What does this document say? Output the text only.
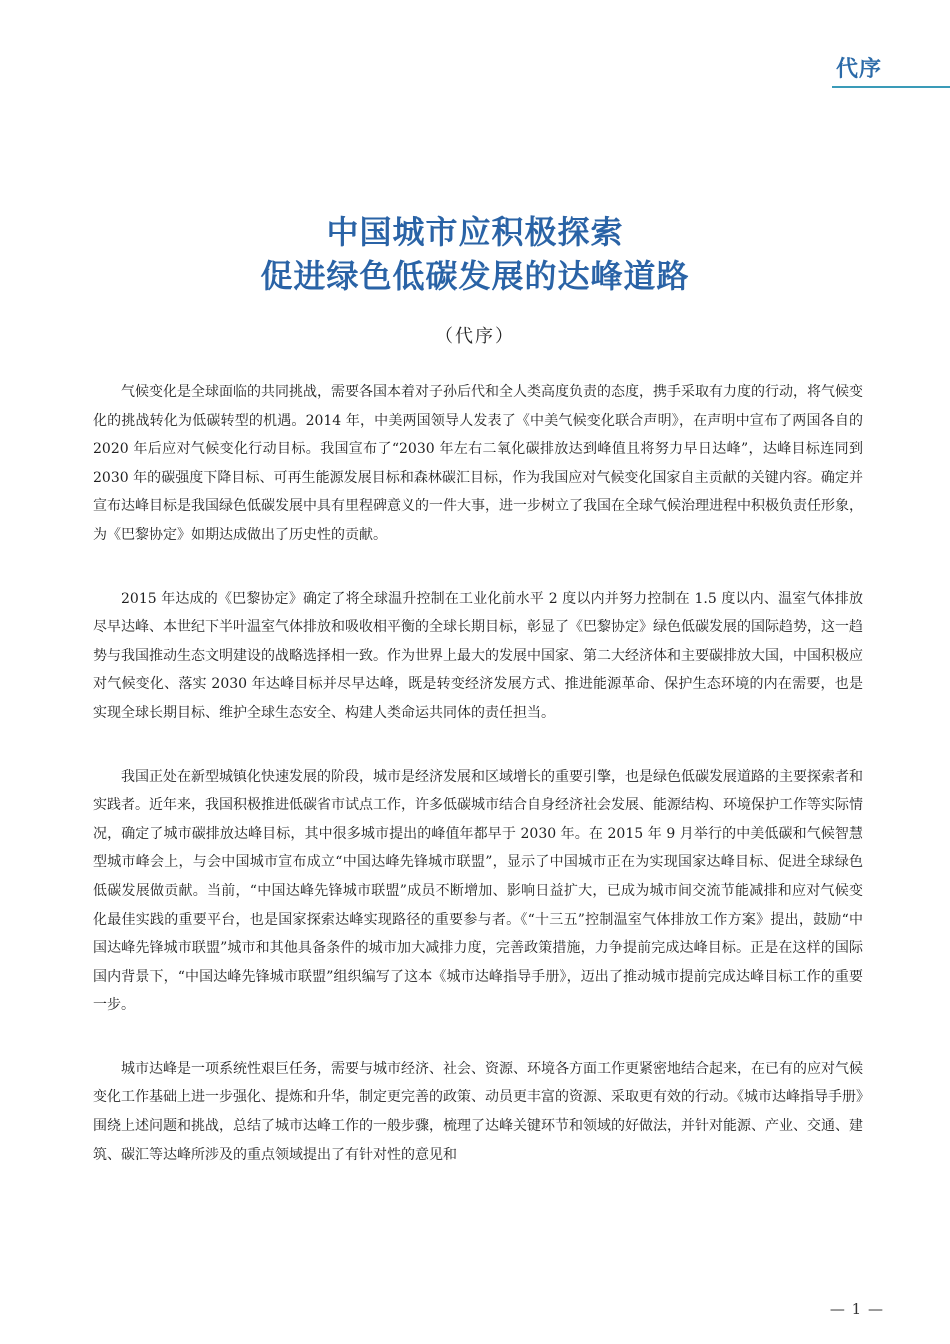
代序
中国城市应积极探索
促进绿色低碳发展的达峰道路
（代序）

气候变化是全球面临的共同挑战，需要各国本着对子孙后代和全人类高度负责的态度，携手采取有力度的行动，将气候变化的挑战转化为低碳转型的机遇。2014 年，中美两国领导人发表了《中美气候变化联合声明》，在声明中宣布了两国各自的 2020 年后应对气候变化行动目标。我国宣布了“2030 年左右二氧化碳排放达到峰值且将努力早日达峰”，达峰目标连同到 2030 年的碳强度下降目标、可再生能源发展目标和森林碳汇目标，作为我国应对气候变化国家自主贡献的关键内容。确定并宣布达峰目标是我国绿色低碳发展中具有里程碑意义的一件大事，进一步树立了我国在全球气候治理进程中积极负责任形象，为《巴黎协定》如期达成做出了历史性的贡献。

2015 年达成的《巴黎协定》确定了将全球温升控制在工业化前水平 2 度以内并努力控制在 1.5 度以内、温室气体排放尽早达峰、本世纪下半叶温室气体排放和吸收相平衡的全球长期目标，彰显了《巴黎协定》绿色低碳发展的国际趋势，这一趋势与我国推动生态文明建设的战略选择相一致。作为世界上最大的发展中国家、第二大经济体和主要碳排放大国，中国积极应对气候变化、落实 2030 年达峰目标并尽早达峰，既是转变经济发展方式、推进能源革命、保护生态环境的内在需要，也是实现全球长期目标、维护全球生态安全、构建人类命运共同体的责任担当。

我国正处在新型城镇化快速发展的阶段，城市是经济发展和区域增长的重要引擎，也是绿色低碳发展道路的主要探索者和实践者。近年来，我国积极推进低碳省市试点工作，许多低碳城市结合自身经济社会发展、能源结构、环境保护工作等实际情况，确定了城市碳排放达峰目标，其中很多城市提出的峰值年都早于 2030 年。在 2015 年 9 月举行的中美低碳和气候智慧型城市峰会上，与会中国城市宣布成立“中国达峰先锋城市联盟”，显示了中国城市正在为实现国家达峰目标、促进全球绿色低碳发展做贡献。当前，“中国达峰先锋城市联盟”成员不断增加、影响日益扩大，已成为城市间交流节能减排和应对气候变化最佳实践的重要平台，也是国家探索达峰实现路径的重要参与者。《“十三五”控制温室气体排放工作方案》提出，鼓励“中国达峰先锋城市联盟”城市和其他具备条件的城市加大减排力度，完善政策措施，力争提前完成达峰目标。正是在这样的国际国内背景下，“中国达峰先锋城市联盟”组织编写了这本《城市达峰指导手册》，迈出了推动城市提前完成达峰目标工作的重要一步。

城市达峰是一项系统性艰巨任务，需要与城市经济、社会、资源、环境各方面工作更紧密地结合起来，在已有的应对气候变化工作基础上进一步强化、提炼和升华，制定更完善的政策、动员更丰富的资源、采取更有效的行动。《城市达峰指导手册》围绕上述问题和挑战，总结了城市达峰工作的一般步骤，梳理了达峰关键环节和领域的好做法，并针对能源、产业、交通、建筑、碳汇等达峰所涉及的重点领域提出了有针对性的意见和

— 1 —
